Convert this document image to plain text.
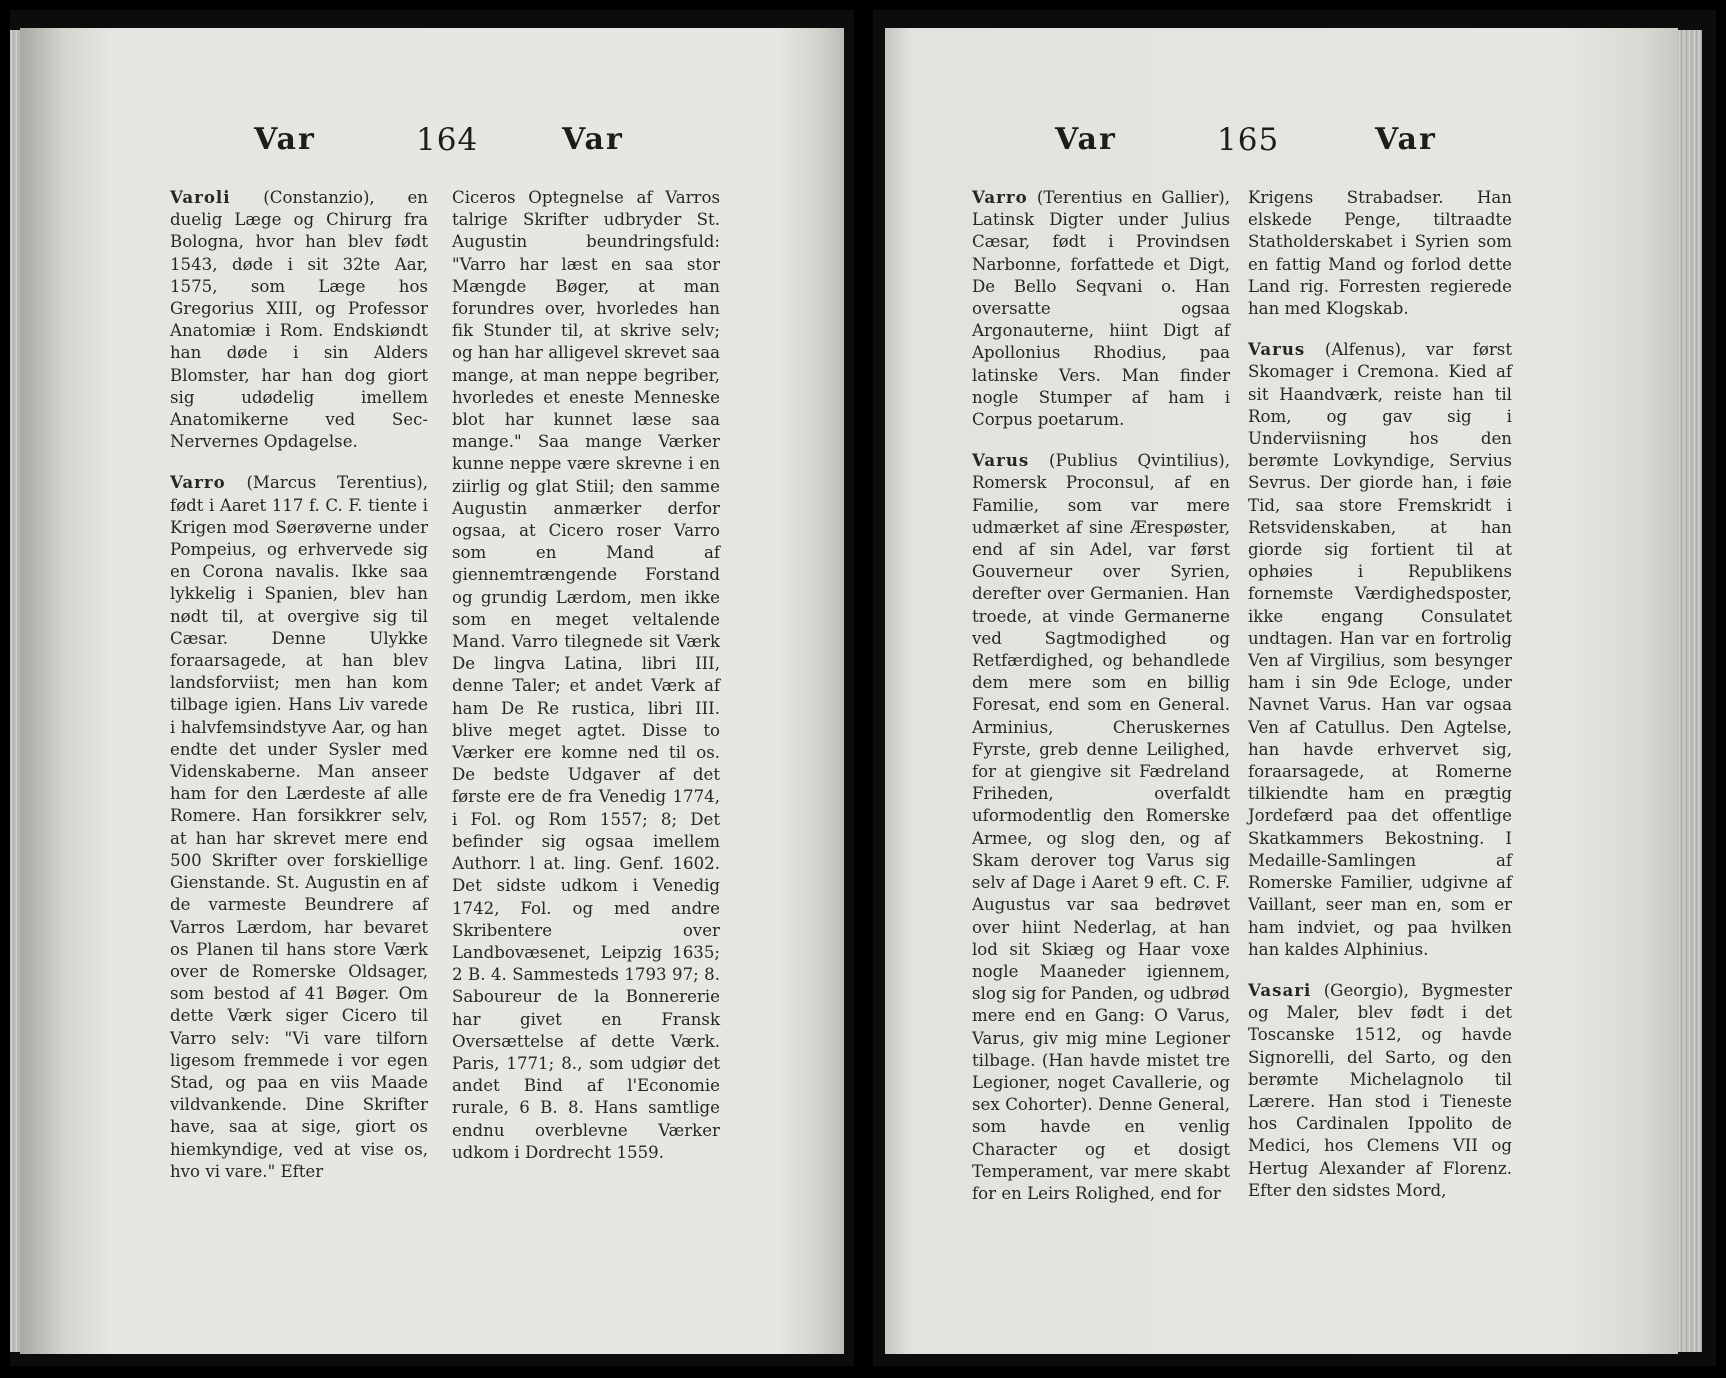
Var	164	Var

Varoli (Constanzio), en duelig Læge og Chirurg fra Bologna, hvor han blev født 1543, døde i sit 32te Aar, 1575, som Læge hos Gregorius XIII, og Professor Anatomiæ i Rom. Endskiøndt han døde i sin Alders Blomster, har han dog giort sig udødelig imellem Anatomikerne ved Sec-Nervernes Opdagelse.

Varro (Marcus Terentius), født i Aaret 117 f. C. F. tiente i Krigen mod Søerøverne under Pompeius, og erhvervede sig en Corona navalis. Ikke saa lykkelig i Spanien, blev han nødt til, at overgive sig til Cæsar. Denne Ulykke foraarsagede, at han blev landsforviist; men han kom tilbage igien. Hans Liv varede i halvfemsindstyve Aar, og han endte det under Sysler med Videnskaberne. Man anseer ham for den Lærdeste af alle Romere. Han forsikkrer selv, at han har skrevet mere end 500 Skrifter over forskiellige Gienstande. St. Augustin en af de varmeste Beundrere af Varros Lærdom, har bevaret os Planen til hans store Værk over de Romerske Oldsager, som bestod af 41 Bøger. Om dette Værk siger Cicero til Varro selv: "Vi vare tilforn ligesom fremmede i vor egen Stad, og paa en viis Maade vildvankende. Dine Skrifter have, saa at sige, giort os hiemkyndige, ved at vise os, hvo vi vare." Efter

Ciceros Optegnelse af Varros talrige Skrifter udbryder St. Augustin beundringsfuld: "Varro har læst en saa stor Mængde Bøger, at man forundres over, hvorledes han fik Stunder til, at skrive selv; og han har alligevel skrevet saa mange, at man neppe begriber, hvorledes et eneste Menneske blot har kunnet læse saa mange." Saa mange Værker kunne neppe være skrevne i en ziirlig og glat Stiil; den samme Augustin anmærker derfor ogsaa, at Cicero roser Varro som en Mand af giennemtrængende Forstand og grundig Lærdom, men ikke som en meget veltalende Mand. Varro tilegnede sit Værk De lingva Latina, libri III, denne Taler; et andet Værk af ham De Re rustica, libri III. blive meget agtet. Disse to Værker ere komne ned til os. De bedste Udgaver af det første ere de fra Venedig 1774, i Fol. og Rom 1557; 8; Det befinder sig ogsaa imellem Authorr. l at. ling. Genf. 1602. Det sidste udkom i Venedig 1742, Fol. og med andre Skribentere over Landbovæsenet, Leipzig 1635; 2 B. 4. Sammesteds 1793 97; 8. Saboureur de la Bonnererie har givet en Fransk Oversættelse af dette Værk. Paris, 1771; 8., som udgiør det andet Bind af l'Economie rurale, 6 B. 8. Hans samtlige endnu overblevne Værker udkom i Dordrecht 1559.

Var	165	Var

Varro (Terentius en Gallier), Latinsk Digter under Julius Cæsar, født i Provindsen Narbonne, forfattede et Digt, De Bello Seqvani o. Han oversatte ogsaa Argonauterne, hiint Digt af Apollonius Rhodius, paa latinske Vers. Man finder nogle Stumper af ham i Corpus poetarum.

Varus (Publius Qvintilius), Romersk Proconsul, af en Familie, som var mere udmærket af sine Ærespøster, end af sin Adel, var først Gouverneur over Syrien, derefter over Germanien. Han troede, at vinde Germanerne ved Sagtmodighed og Retfærdighed, og behandlede dem mere som en billig Foresat, end som en General. Arminius, Cheruskernes Fyrste, greb denne Leilighed, for at giengive sit Fædreland Friheden, overfaldt uformodentlig den Romerske Armee, og slog den, og af Skam derover tog Varus sig selv af Dage i Aaret 9 eft. C. F. Augustus var saa bedrøvet over hiint Nederlag, at han lod sit Skiæg og Haar voxe nogle Maaneder igiennem, slog sig for Panden, og udbrød mere end en Gang: O Varus, Varus, giv mig mine Legioner tilbage. (Han havde mistet tre Legioner, noget Cavallerie, og sex Cohorter). Denne General, som havde en venlig Character og et dosigt Temperament, var mere skabt for en Leirs Rolighed, end for

Krigens Strabadser. Han elskede Penge, tiltraadte Statholderskabet i Syrien som en fattig Mand og forlod dette Land rig. Forresten regierede han med Klogskab.

Varus (Alfenus), var først Skomager i Cremona. Kied af sit Haandværk, reiste han til Rom, og gav sig i Underviisning hos den berømte Lovkyndige, Servius Sevrus. Der giorde han, i føie Tid, saa store Fremskridt i Retsvidenskaben, at han giorde sig fortient til at ophøies i Republikens fornemste Værdighedsposter, ikke engang Consulatet undtagen. Han var en fortrolig Ven af Virgilius, som besynger ham i sin 9de Ecloge, under Navnet Varus. Han var ogsaa Ven af Catullus. Den Agtelse, han havde erhvervet sig, foraarsagede, at Romerne tilkiendte ham en prægtig Jordefærd paa det offentlige Skatkammers Bekostning. I Medaille-Samlingen af Romerske Familier, udgivne af Vaillant, seer man en, som er ham indviet, og paa hvilken han kaldes Alphinius.

Vasari (Georgio), Bygmester og Maler, blev født i det Toscanske 1512, og havde Signorelli, del Sarto, og den berømte Michelagnolo til Lærere. Han stod i Tieneste hos Cardinalen Ippolito de Medici, hos Clemens VII og Hertug Alexander af Florenz. Efter den sidstes Mord,
